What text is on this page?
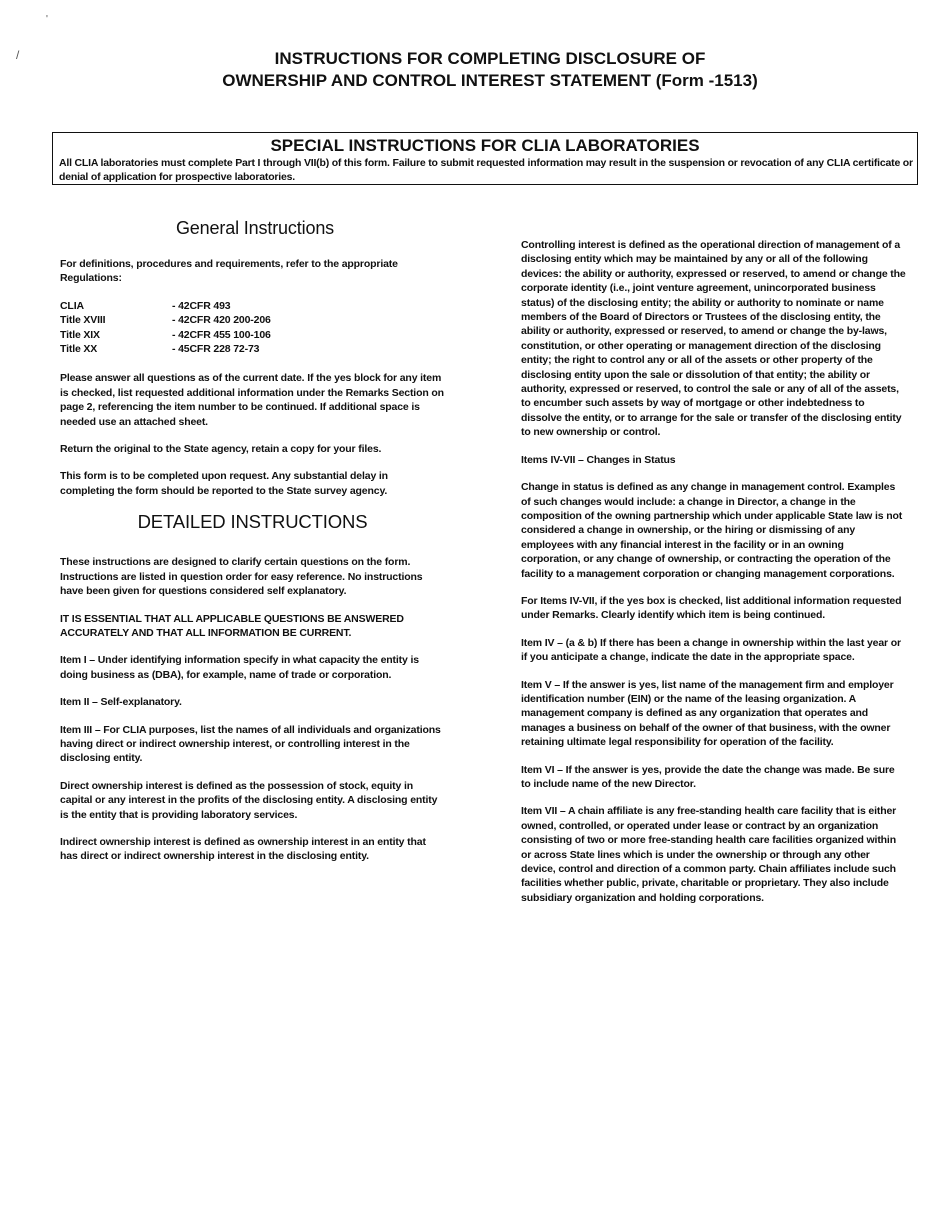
'
/	INSTRUCTIONS FOR COMPLETING DISCLOSURE OF
OWNERSHIP AND CONTROL INTEREST STATEMENT (Form -1513)
SPECIAL INSTRUCTIONS FOR CLIA LABORATORIES
All CLIA laboratories must complete Part I through VII(b) of this form. Failure to submit requested information may result in the suspension or revocation of any CLIA certificate or denial of application for prospective laboratories.
General Instructions

For definitions, procedures and requirements, refer to the appropriate Regulations:

CLIA	- 42CFR 493
Title XVIII	- 42CFR 420 200-206
Title XIX	- 42CFR 455 100-106
Title XX	- 45CFR 228 72-73

Please answer all questions as of the current date. If the yes block for any item is checked, list requested additional information under the Remarks Section on page 2, referencing the item number to be continued. If additional space is needed use an attached sheet.

Return the original to the State agency, retain a copy for your files.

This form is to be completed upon request. Any substantial delay in completing the form should be reported to the State survey agency.

DETAILED INSTRUCTIONS

These instructions are designed to clarify certain questions on the form. Instructions are listed in question order for easy reference. No instructions have been given for questions considered self explanatory.

IT IS ESSENTIAL THAT ALL APPLICABLE QUESTIONS BE ANSWERED ACCURATELY AND THAT ALL INFORMATION BE CURRENT.

Item I – Under identifying information specify in what capacity the entity is doing business as (DBA), for example, name of trade or corporation.

Item II – Self-explanatory.

Item III – For CLIA purposes, list the names of all individuals and organizations having direct or indirect ownership interest, or controlling interest in the disclosing entity.

Direct ownership interest is defined as the possession of stock, equity in capital or any interest in the profits of the disclosing entity. A disclosing entity is the entity that is providing laboratory services.

Indirect ownership interest is defined as ownership interest in an entity that has direct or indirect ownership interest in the disclosing entity.

Controlling interest is defined as the operational direction of management of a disclosing entity which may be maintained by any or all of the following devices: the ability or authority, expressed or reserved, to amend or change the corporate identity (i.e., joint venture agreement, unincorporated business status) of the disclosing entity; the ability or authority to nominate or name members of the Board of Directors or Trustees of the disclosing entity, the ability or authority, expressed or reserved, to amend or change the by-laws, constitution, or other operating or management direction of the disclosing entity; the right to control any or all of the assets or other property of the disclosing entity upon the sale or dissolution of that entity; the ability or authority, expressed or reserved, to control the sale or any of all of the assets, to encumber such assets by way of mortgage or other indebtedness to dissolve the entity, or to arrange for the sale or transfer of the disclosing entity to new ownership or control.

Items IV-VII – Changes in Status

Change in status is defined as any change in management control. Examples of such changes would include: a change in Director, a change in the composition of the owning partnership which under applicable State law is not considered a change in ownership, or the hiring or dismissing of any employees with any financial interest in the facility or in an owning corporation, or any change of ownership, or contracting the operation of the facility to a management corporation or changing management corporations.

For Items IV-VII, if the yes box is checked, list additional information requested under Remarks. Clearly identify which item is being continued.

Item IV – (a & b) If there has been a change in ownership within the last year or if you anticipate a change, indicate the date in the appropriate space.

Item V – If the answer is yes, list name of the management firm and employer identification number (EIN) or the name of the leasing organization. A management company is defined as any organization that operates and manages a business on behalf of the owner of that business, with the owner retaining ultimate legal responsibility for operation of the facility.

Item VI – If the answer is yes, provide the date the change was made. Be sure to include name of the new Director.

Item VII – A chain affiliate is any free-standing health care facility that is either owned, controlled, or operated under lease or contract by an organization consisting of two or more free-standing health care facilities organized within or across State lines which is under the ownership or through any other device, control and direction of a common party. Chain affiliates include such facilities whether public, private, charitable or proprietary. They also include subsidiary organization and holding corporations.
